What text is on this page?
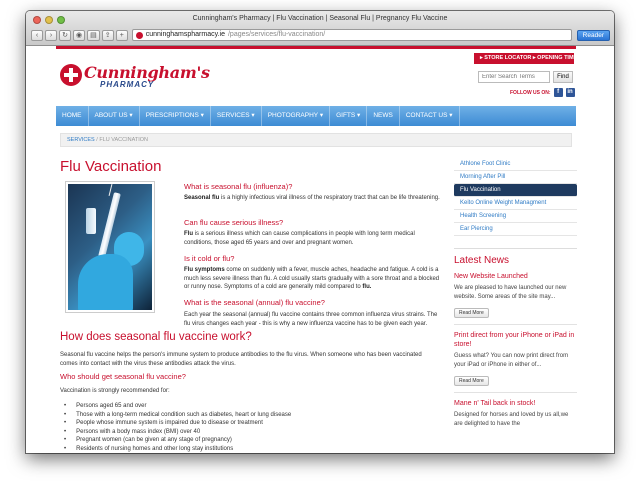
Cunningham's Pharmacy | Flu Vaccination | Seasonal Flu | Pregnancy Flu Vaccine
‹	›	↻	◉	▤	⇪	+	cunninghamspharmacy.ie /pages/services/flu-vaccination/	Reader
Cunningham's
PHARMACY
▸ STORE LOCATOR ▸ OPENING TIMES
Enter Search Terms
Find
FOLLOW US ON:	f	in
HOME	ABOUT US ▾	PRESCRIPTIONS ▾	SERVICES ▾	PHOTOGRAPHY ▾	GIFTS ▾	NEWS	CONTACT US ▾
SERVICES / FLU VACCINATION
Flu Vaccination
What is seasonal flu (influenza)?
Seasonal flu is a highly infectious viral illness of the respiratory tract that can be life threatening.
Can flu cause serious illness?
Flu is a serious illness which can cause complications in people with long term medical conditions, those aged 65 years and over and pregnant women.
Is it cold or flu?
Flu symptoms come on suddenly with a fever, muscle aches, headache and fatigue. A cold is a much less severe illness than flu. A cold usually starts gradually with a sore throat and a blocked or runny nose. Symptoms of a cold are generally mild compared to flu.
What is the seasonal (annual) flu vaccine?
Each year the seasonal (annual) flu vaccine contains three common influenza virus strains. The flu virus changes each year - this is why a new influenza vaccine has to be given each year.
How does seasonal flu vaccine work?
Seasonal flu vaccine helps the person's immune system to produce antibodies to the flu virus. When someone who has been vaccinated comes into contact with the virus these antibodies attack the virus.
Who should get seasonal flu vaccine?
Vaccination is strongly recommended for:
• Persons aged 65 and over
• Those with a long-term medical condition such as diabetes, heart or lung disease
• People whose immune system is impaired due to disease or treatment
• Persons with a body mass index (BMI) over 40
• Pregnant women (can be given at any stage of pregnancy)
• Residents of nursing homes and other long stay institutions
Athlone Foot Clinic
Morning After Pill
Flu Vaccination
Keito Online Weight Managment
Health Screening
Ear Piercing
Latest News
New Website Launched
We are pleased to have launched our new website. Some areas of the site may...
Read More
Print direct from your iPhone or iPad in store!
Guess what? You can now print direct from your iPad or iPhone in either of...
Read More
Mane n' Tail back in stock!
Designed for horses and loved by us all,we are delighted to have the
